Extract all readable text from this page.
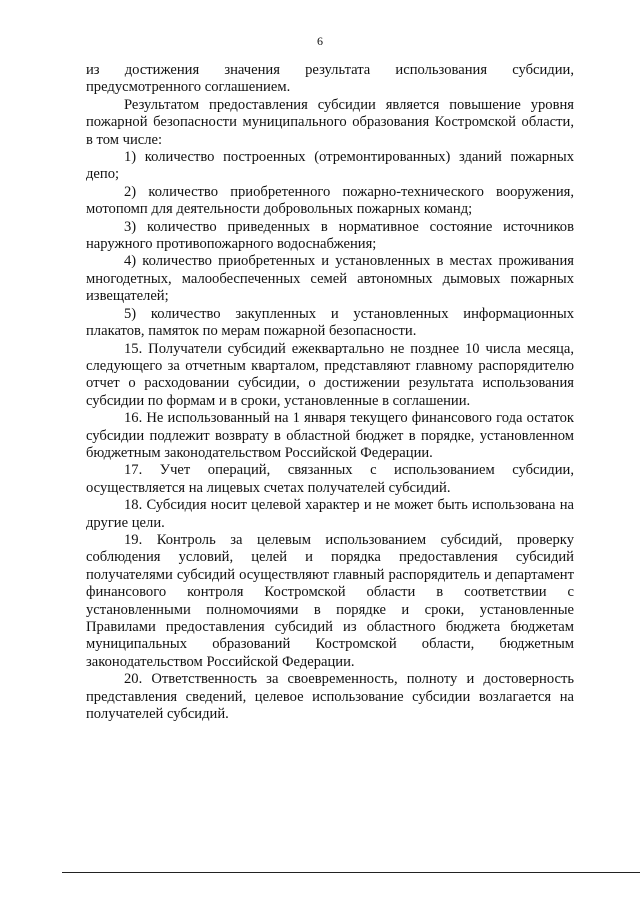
6

из достижения значения результата использования субсидии, предусмотренного соглашением.

Результатом предоставления субсидии является повышение уровня пожарной безопасности муниципального образования Костромской области, в том числе:

1) количество построенных (отремонтированных) зданий пожарных депо;

2) количество приобретенного пожарно-технического вооружения, мотопомп для деятельности добровольных пожарных команд;

3) количество приведенных в нормативное состояние источников наружного противопожарного водоснабжения;

4) количество приобретенных и установленных в местах проживания многодетных, малообеспеченных семей автономных дымовых пожарных извещателей;

5) количество закупленных и установленных информационных плакатов, памяток по мерам пожарной безопасности.

15. Получатели субсидий ежеквартально не позднее 10 числа месяца, следующего за отчетным кварталом, представляют главному распорядителю отчет о расходовании субсидии, о достижении результата использования субсидии по формам и в сроки, установленные в соглашении.

16. Не использованный на 1 января текущего финансового года остаток субсидии подлежит возврату в областной бюджет в порядке, установленном бюджетным законодательством Российской Федерации.

17. Учет операций, связанных с использованием субсидии, осуществляется на лицевых счетах получателей субсидий.

18. Субсидия носит целевой характер и не может быть использована на другие цели.

19. Контроль за целевым использованием субсидий, проверку соблюдения условий, целей и порядка предоставления субсидий получателями субсидий осуществляют главный распорядитель и департамент финансового контроля Костромской области в соответствии с установленными полномочиями в порядке и сроки, установленные Правилами предоставления субсидий из областного бюджета бюджетам муниципальных образований Костромской области, бюджетным законодательством Российской Федерации.

20. Ответственность за своевременность, полноту и достоверность представления сведений, целевое использование субсидии возлагается на получателей субсидий.
